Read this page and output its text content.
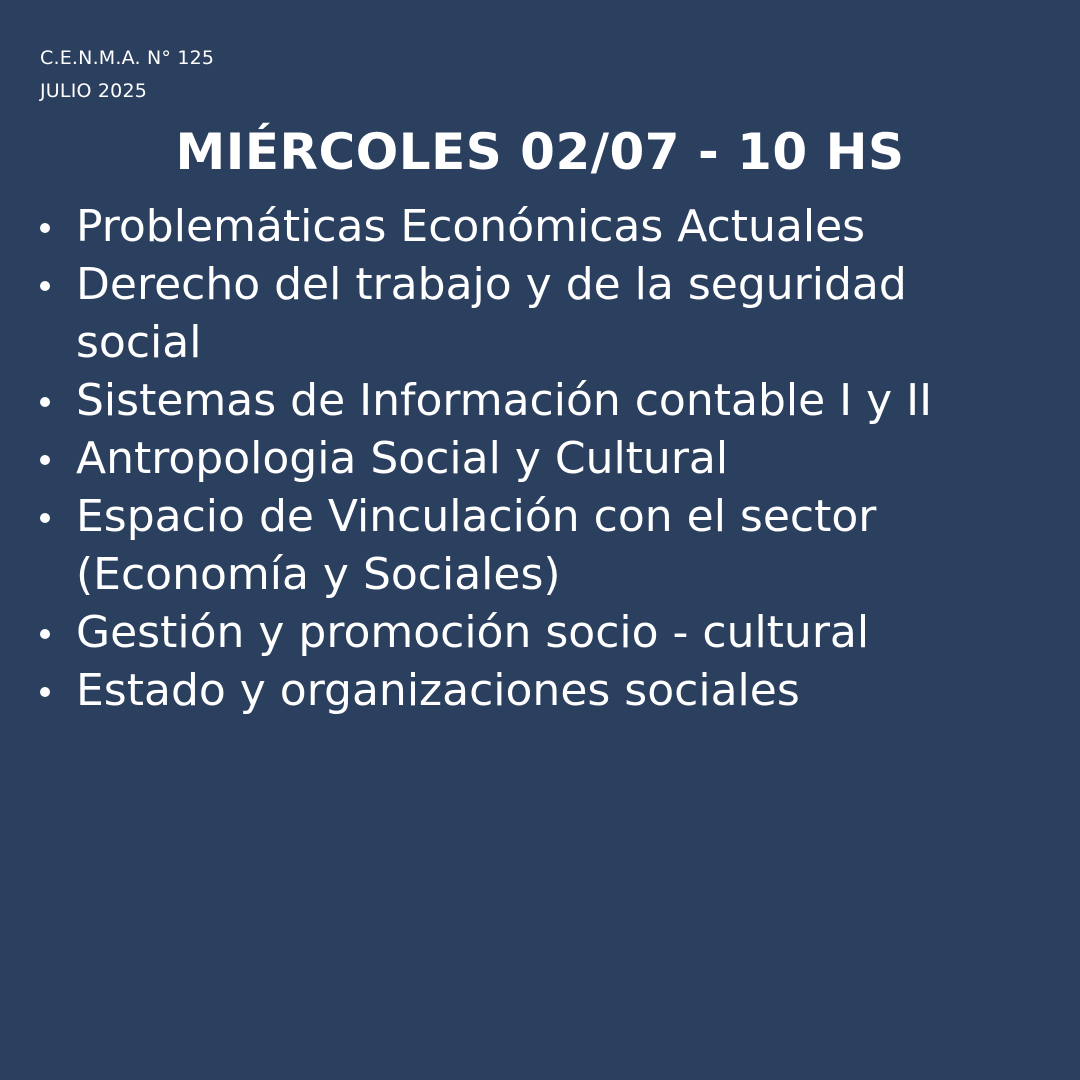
C.E.N.M.A. N° 125
JULIO 2025
MIÉRCOLES 02/07 - 10 HS
Problemáticas Económicas Actuales
Derecho del trabajo y de la seguridad social
Sistemas de Información contable I y II
Antropologia Social y Cultural
Espacio de Vinculación con el sector (Economía y Sociales)
Gestión y promoción socio - cultural
Estado y organizaciones sociales
